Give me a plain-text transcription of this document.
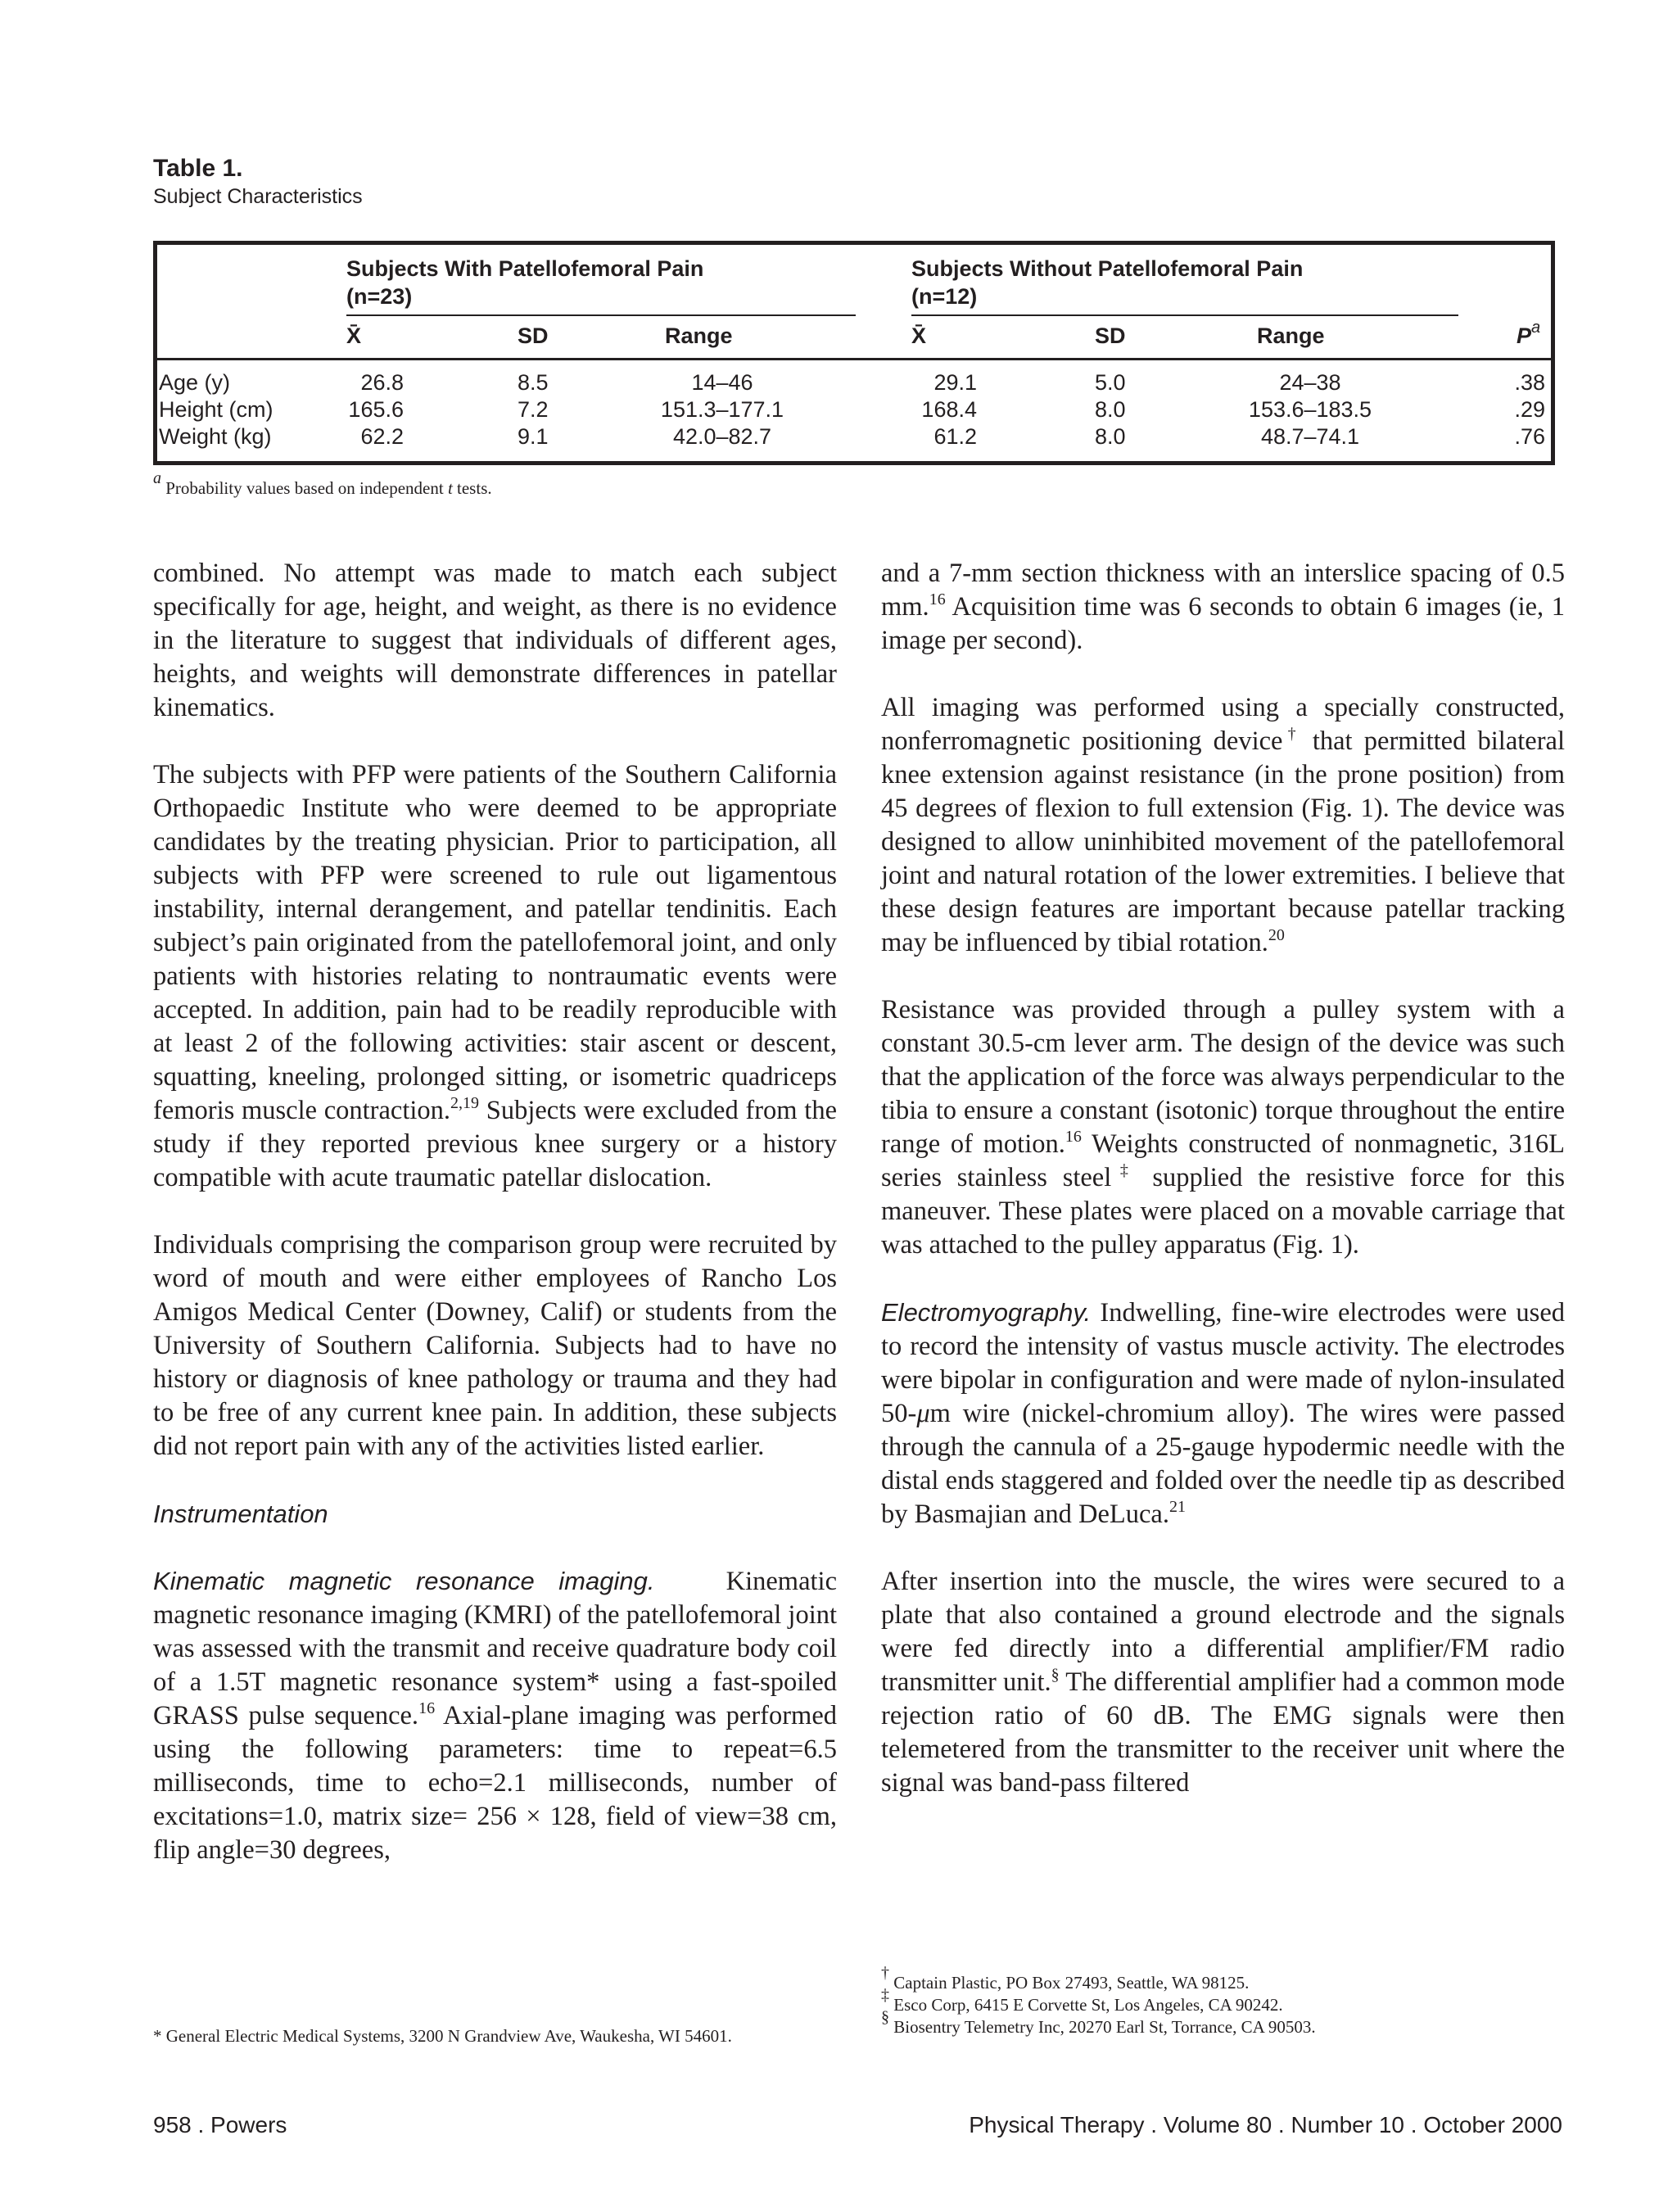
Table 1.
Subject Characteristics
Subjects With Patellofemoral Pain
(n=23)
Subjects Without Patellofemoral Pain
(n=12)
X̄	SD	Range	X̄	SD	Range	$P^a$
Age (y)	26.8	8.5	14–46	29.1	5.0	24–38	.38
Height (cm)	165.6	7.2	151.3–177.1	168.4	8.0	153.6–183.5	.29
Weight (kg)	62.2	9.1	42.0–82.7	61.2	8.0	48.7–74.1	.76
$^a$ Probability values based on independent t tests.

combined. No attempt was made to match each subject specifically for age, height, and weight, as there is no evidence in the literature to suggest that individuals of different ages, heights, and weights will demonstrate differences in patellar kinematics.

The subjects with PFP were patients of the Southern California Orthopaedic Institute who were deemed to be appropriate candidates by the treating physician. Prior to participation, all subjects with PFP were screened to rule out ligamentous instability, internal derangement, and patellar tendinitis. Each subject’s pain originated from the patellofemoral joint, and only patients with histories relating to nontraumatic events were accepted. In addition, pain had to be readily reproducible with at least 2 of the following activities: stair ascent or descent, squatting, kneeling, prolonged sitting, or isometric quadriceps femoris muscle contraction.$^{2,19}$ Subjects were excluded from the study if they reported previous knee surgery or a history compatible with acute traumatic patellar dislocation.

Individuals comprising the comparison group were recruited by word of mouth and were either employees of Rancho Los Amigos Medical Center (Downey, Calif) or students from the University of Southern California. Subjects had to have no history or diagnosis of knee pathology or trauma and they had to be free of any current knee pain. In addition, these subjects did not report pain with any of the activities listed earlier.

Instrumentation

Kinematic magnetic resonance imaging.   Kinematic magnetic resonance imaging (KMRI) of the patellofemoral joint was assessed with the transmit and receive quadrature body coil of a 1.5T magnetic resonance system* using a fast-spoiled GRASS pulse sequence.$^{16}$ Axial-plane imaging was performed using the following parameters: time to repeat=6.5 milliseconds, time to echo=2.1 milliseconds, number of excitations=1.0, matrix size= 256 × 128, field of view=38 cm, flip angle=30 degrees,

* General Electric Medical Systems, 3200 N Grandview Ave, Waukesha, WI 54601.

and a 7-mm section thickness with an interslice spacing of 0.5 mm.$^{16}$ Acquisition time was 6 seconds to obtain 6 images (ie, 1 image per second).

All imaging was performed using a specially constructed, nonferromagnetic positioning device† that permitted bilateral knee extension against resistance (in the prone position) from 45 degrees of flexion to full extension (Fig. 1). The device was designed to allow uninhibited movement of the patellofemoral joint and natural rotation of the lower extremities. I believe that these design features are important because patellar tracking may be influenced by tibial rotation.$^{20}$

Resistance was provided through a pulley system with a constant 30.5-cm lever arm. The design of the device was such that the application of the force was always perpendicular to the tibia to ensure a constant (isotonic) torque throughout the entire range of motion.$^{16}$ Weights constructed of nonmagnetic, 316L series stainless steel‡ supplied the resistive force for this maneuver. These plates were placed on a movable carriage that was attached to the pulley apparatus (Fig. 1).

Electromyography. Indwelling, fine-wire electrodes were used to record the intensity of vastus muscle activity. The electrodes were bipolar in configuration and were made of nylon-insulated 50-μm wire (nickel-chromium alloy). The wires were passed through the cannula of a 25-gauge hypodermic needle with the distal ends staggered and folded over the needle tip as described by Basmajian and DeLuca.$^{21}$

After insertion into the muscle, the wires were secured to a plate that also contained a ground electrode and the signals were fed directly into a differential amplifier/FM radio transmitter unit.§ The differential amplifier had a common mode rejection ratio of 60 dB. The EMG signals were then telemetered from the transmitter to the receiver unit where the signal was band-pass filtered

† Captain Plastic, PO Box 27493, Seattle, WA 98125.
‡ Esco Corp, 6415 E Corvette St, Los Angeles, CA 90242.
§ Biosentry Telemetry Inc, 20270 Earl St, Torrance, CA 90503.
958 . Powers	Physical Therapy . Volume 80 . Number 10 . October 2000
